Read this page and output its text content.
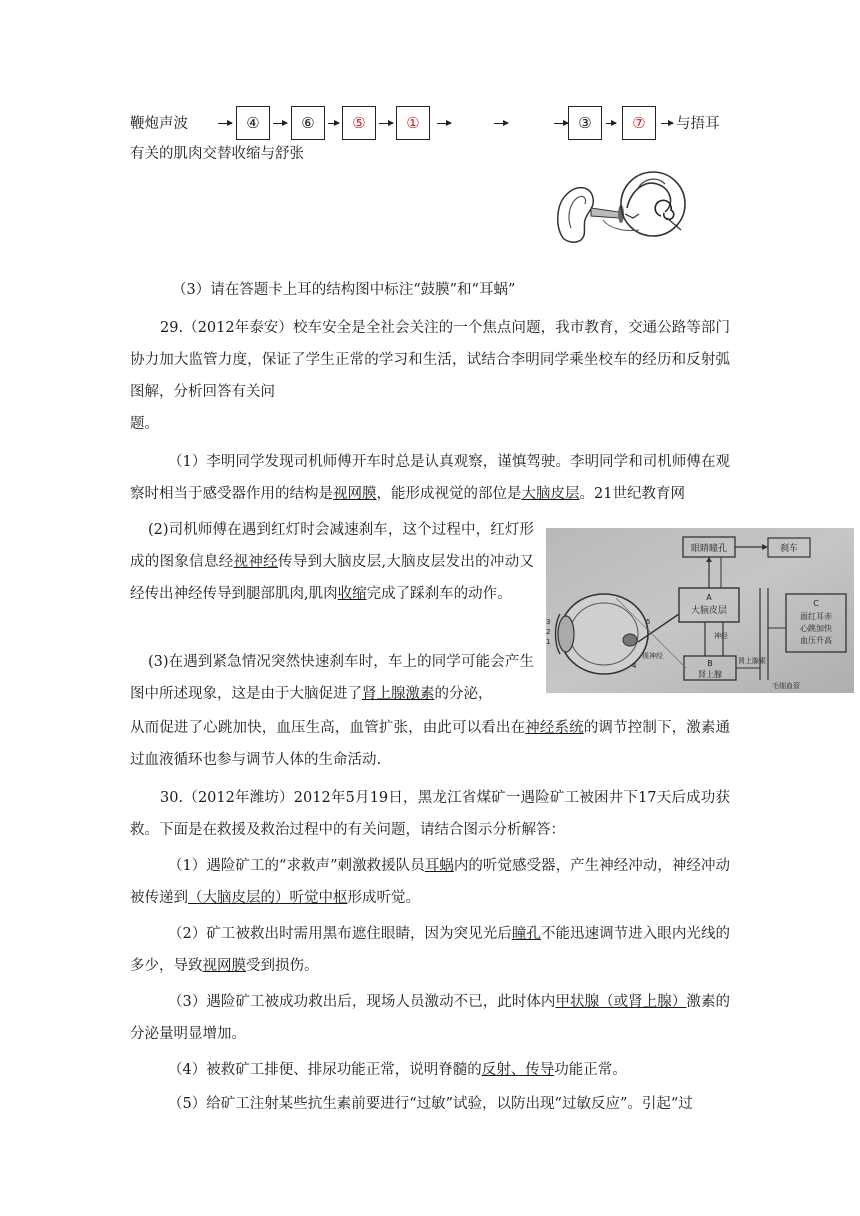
鞭炮声波	④	⑥	⑤	①	③	⑦	与捂耳

有关的肌肉交替收缩与舒张

（3）请在答题卡上耳的结构图中标注“鼓膜”和“耳蜗”

29.（2012年泰安）校车安全是全社会关注的一个焦点问题，我市教育，交通公路等部门协力加大监管力度，保证了学生正常的学习和生活，试结合李明同学乘坐校车的经历和反射弧图解，分析回答有关问

题。

（1）李明同学发现司机师傅开车时总是认真观察，谨慎驾驶。李明同学和司机师傅在观察时相当于感受器作用的结构是视网膜，能形成视觉的部位是大脑皮层。21世纪教育网

(2)司机师傅在遇到红灯时会减速刹车，这个过程中，红灯形成的图象信息经视神经传导到大脑皮层,大脑皮层发出的冲动又经传出神经传导到腿部肌肉,肌肉收缩完成了踩刹车的动作。

(3)在遇到紧急情况突然快速刹车时，车上的同学可能会产生图中所述现象，这是由于大脑促进了肾上腺激素的分泌，

从而促进了心跳加快，血压生高，血管扩张，由此可以看出在神经系统的调节控制下，激素通过血液循环也参与调节人体的生命活动.

30.（2012年潍坊）2012年5月19日，黑龙江省煤矿一遇险矿工被困井下17天后成功获救。下面是在救援及救治过程中的有关问题，请结合图示分析解答：

（1）遇险矿工的“求救声”刺激救援队员耳蜗内的听觉感受器，产生神经冲动，神经冲动被传递到（大脑皮层的）听觉中枢形成听觉。

（2）矿工被救出时需用黑布遮住眼睛，因为突见光后瞳孔不能迅速调节进入眼内光线的多少，导致视网膜受到损伤。

（3）遇险矿工被成功救出后，现场人员激动不已，此时体内甲状腺（或肾上腺）激素的分泌量明显增加。

（4）被救矿工排便、排尿功能正常，说明脊髓的反射、传导功能正常。

（5）给矿工注射某些抗生素前要进行“过敏”试验，以防出现“过敏反应”。引起“过

眼睛瞳孔	刹车
A
大脑皮层
神经
B
肾上腺
肾上腺素
毛细血管
C
面红耳赤
心跳加快
血压升高
视神经
3
2
1
5
4
